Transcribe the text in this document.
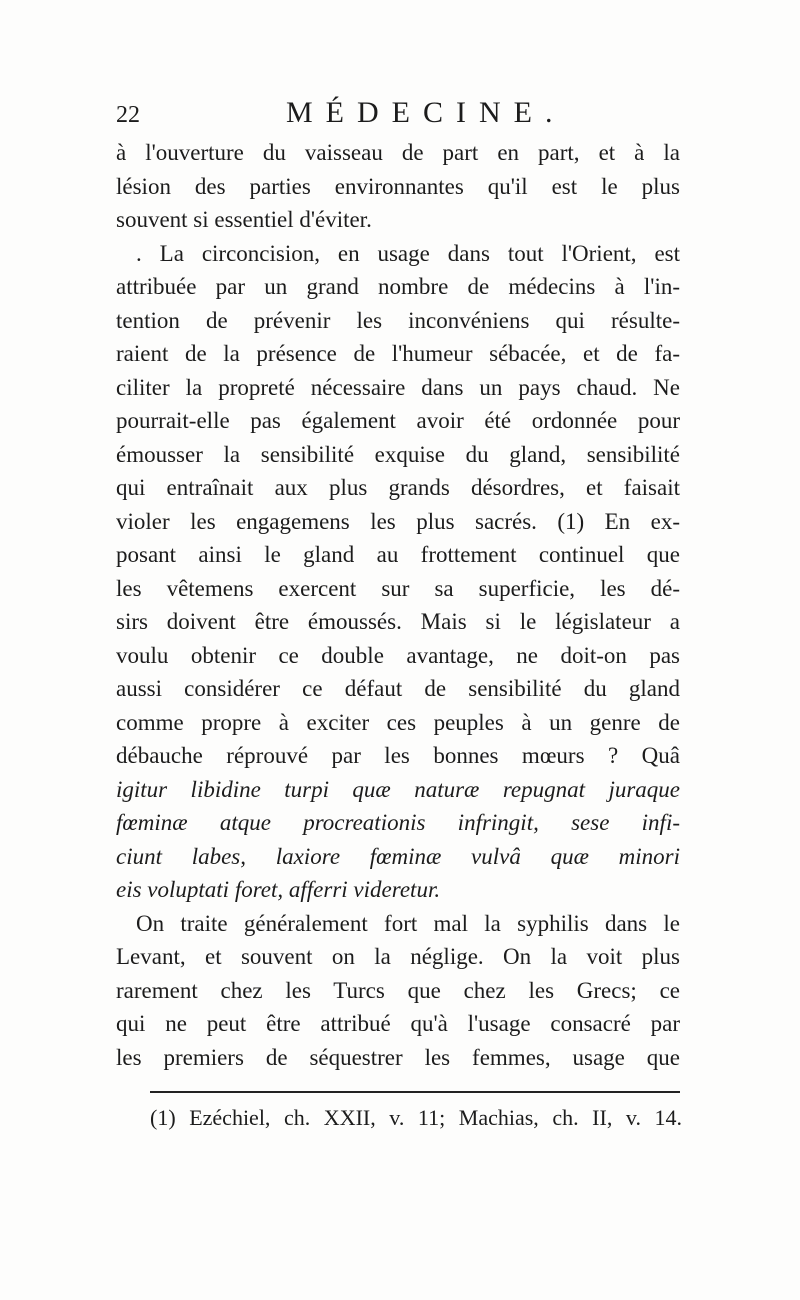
22	MÉDECINE.
à l'ouverture du vaisseau de part en part, et à la
lésion des parties environnantes qu'il est le plus
souvent si essentiel d'éviter.
. La circoncision, en usage dans tout l'Orient, est
attribuée par un grand nombre de médecins à l'in-
tention de prévenir les inconvéniens qui résulte-
raient de la présence de l'humeur sébacée, et de fa-
ciliter la propreté nécessaire dans un pays chaud. Ne
pourrait-elle pas également avoir été ordonnée pour
émousser la sensibilité exquise du gland, sensibilité
qui entraînait aux plus grands désordres, et faisait
violer les engagemens les plus sacrés. (1) En ex-
posant ainsi le gland au frottement continuel que
les vêtemens exercent sur sa superficie, les dé-
sirs doivent être émoussés. Mais si le législateur a
voulu obtenir ce double avantage, ne doit-on pas
aussi considérer ce défaut de sensibilité du gland
comme propre à exciter ces peuples à un genre de
débauche réprouvé par les bonnes mœurs ? Quâ
igitur libidine turpi quæ naturæ repugnat juraque
fœminæ atque procreationis infringit, sese infi-
ciunt labes, laxiore fœminæ vulvâ quæ minori
eis voluptati foret, afferri videretur.
On traite généralement fort mal la syphilis dans le
Levant, et souvent on la néglige. On la voit plus
rarement chez les Turcs que chez les Grecs; ce
qui ne peut être attribué qu'à l'usage consacré par
les premiers de séquestrer les femmes, usage que
(1) Ezéchiel, ch. XXII, v. 11; Machias, ch. II, v. 14.
